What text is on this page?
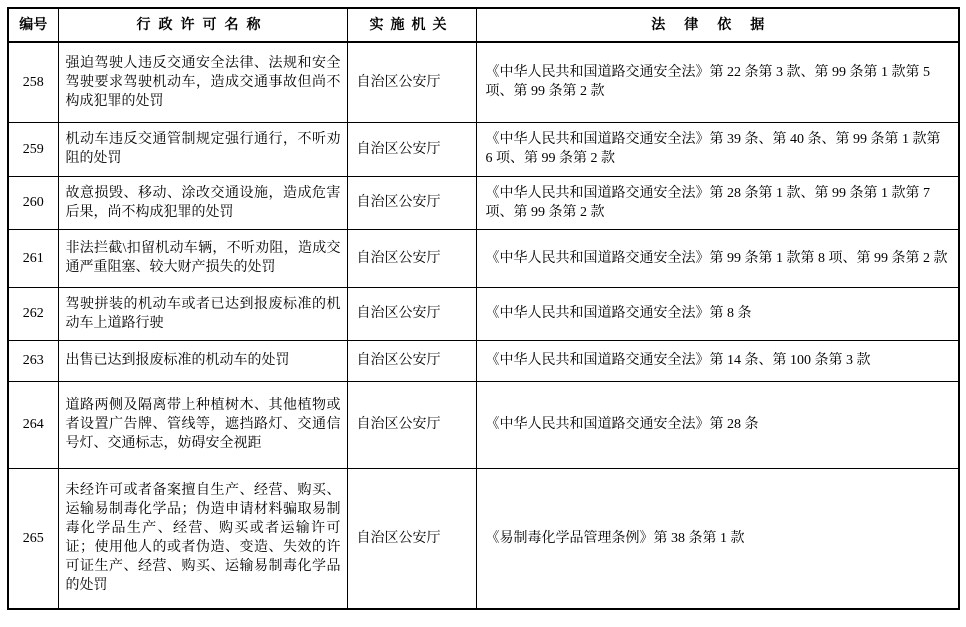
编号	行政许可名称	实施机关	法律依据
258	强迫驾驶人违反交通安全法律、法规和安全驾驶要求驾驶机动车，造成交通事故但尚不构成犯罪的处罚	自治区公安厅	《中华人民共和国道路交通安全法》第 22 条第 3 款、第 99 条第 1 款第 5 项、第 99 条第 2 款
259	机动车违反交通管制规定强行通行，不听劝阻的处罚	自治区公安厅	《中华人民共和国道路交通安全法》第 39 条、第 40 条、第 99 条第 1 款第 6 项、第 99 条第 2 款
260	故意损毁、移动、涂改交通设施，造成危害后果，尚不构成犯罪的处罚	自治区公安厅	《中华人民共和国道路交通安全法》第 28 条第 1 款、第 99 条第 1 款第 7 项、第 99 条第 2 款
261	非法拦截\扣留机动车辆，不听劝阻，造成交通严重阻塞、较大财产损失的处罚	自治区公安厅	《中华人民共和国道路交通安全法》第 99 条第 1 款第 8 项、第 99 条第 2 款
262	驾驶拼装的机动车或者已达到报废标准的机动车上道路行驶	自治区公安厅	《中华人民共和国道路交通安全法》第 8 条
263	出售已达到报废标准的机动车的处罚	自治区公安厅	《中华人民共和国道路交通安全法》第 14 条、第 100 条第 3 款
264	道路两侧及隔离带上种植树木、其他植物或者设置广告牌、管线等，遮挡路灯、交通信号灯、交通标志，妨碍安全视距	自治区公安厅	《中华人民共和国道路交通安全法》第 28 条
265	未经许可或者备案擅自生产、经营、购买、运输易制毒化学品；伪造申请材料骗取易制毒化学品生产、经营、购买或者运输许可证；使用他人的或者伪造、变造、失效的许可证生产、经营、购买、运输易制毒化学品的处罚	自治区公安厅	《易制毒化学品管理条例》第 38 条第 1 款
